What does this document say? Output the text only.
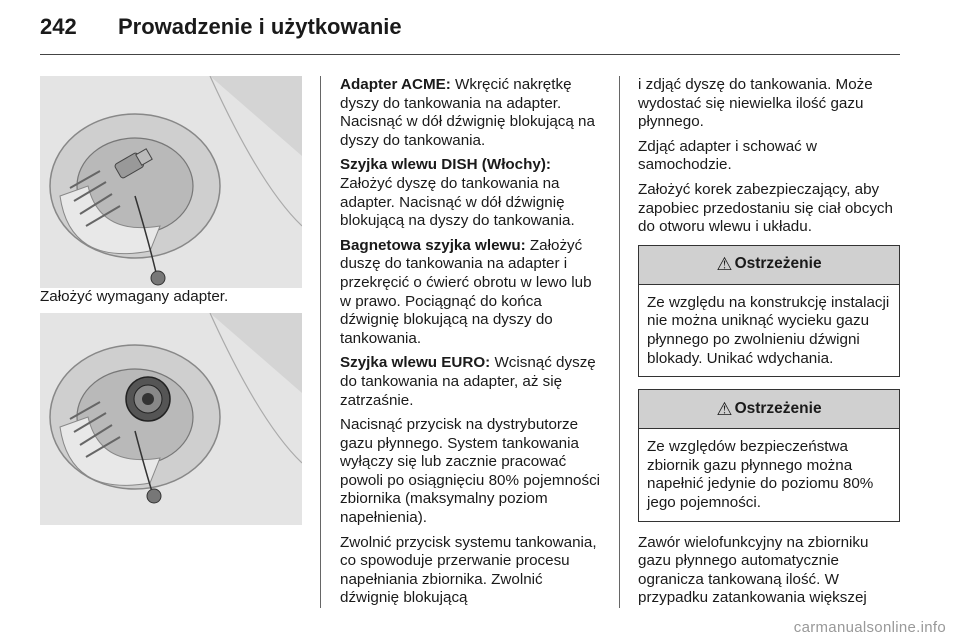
242 Prowadzenie i użytkowanie

Założyć wymagany adapter.

Adapter ACME: Wkręcić nakrętkę dyszy do tankowania na adapter. Nacisnąć w dół dźwignię blokującą na dyszy do tankowania.

Szyjka wlewu DISH (Włochy): Założyć dyszę do tankowania na adapter. Nacisnąć w dół dźwignię blokującą na dyszy do tankowania.

Bagnetowa szyjka wlewu: Założyć duszę do tankowania na adapter i przekręcić o ćwierć obrotu w lewo lub w prawo. Pociągnąć do końca dźwignię blokującą na dyszy do tankowania.

Szyjka wlewu EURO: Wcisnąć dyszę do tankowania na adapter, aż się zatrzaśnie.

Nacisnąć przycisk na dystrybutorze gazu płynnego. System tankowania wyłączy się lub zacznie pracować powoli po osiągnięciu 80% pojemności zbiornika (maksymalny poziom napełnienia).

Zwolnić przycisk systemu tankowania, co spowoduje przerwanie procesu napełniania zbiornika. Zwolnić dźwignię blokującą

i zdjąć dyszę do tankowania. Może wydostać się niewielka ilość gazu płynnego.

Zdjąć adapter i schować w samochodzie.

Założyć korek zabezpieczający, aby zapobiec przedostaniu się ciał obcych do otworu wlewu i układu.

⚠ Ostrzeżenie
Ze względu na konstrukcję instalacji nie można uniknąć wycieku gazu płynnego po zwolnieniu dźwigni blokady. Unikać wdychania.
⚠ Ostrzeżenie
Ze względów bezpieczeństwa zbiornik gazu płynnego można napełnić jedynie do poziomu 80% jego pojemności.

Zawór wielofunkcyjny na zbiorniku gazu płynnego automatycznie ogranicza tankowaną ilość. W przypadku zatankowania większej

carmanualsonline.info
